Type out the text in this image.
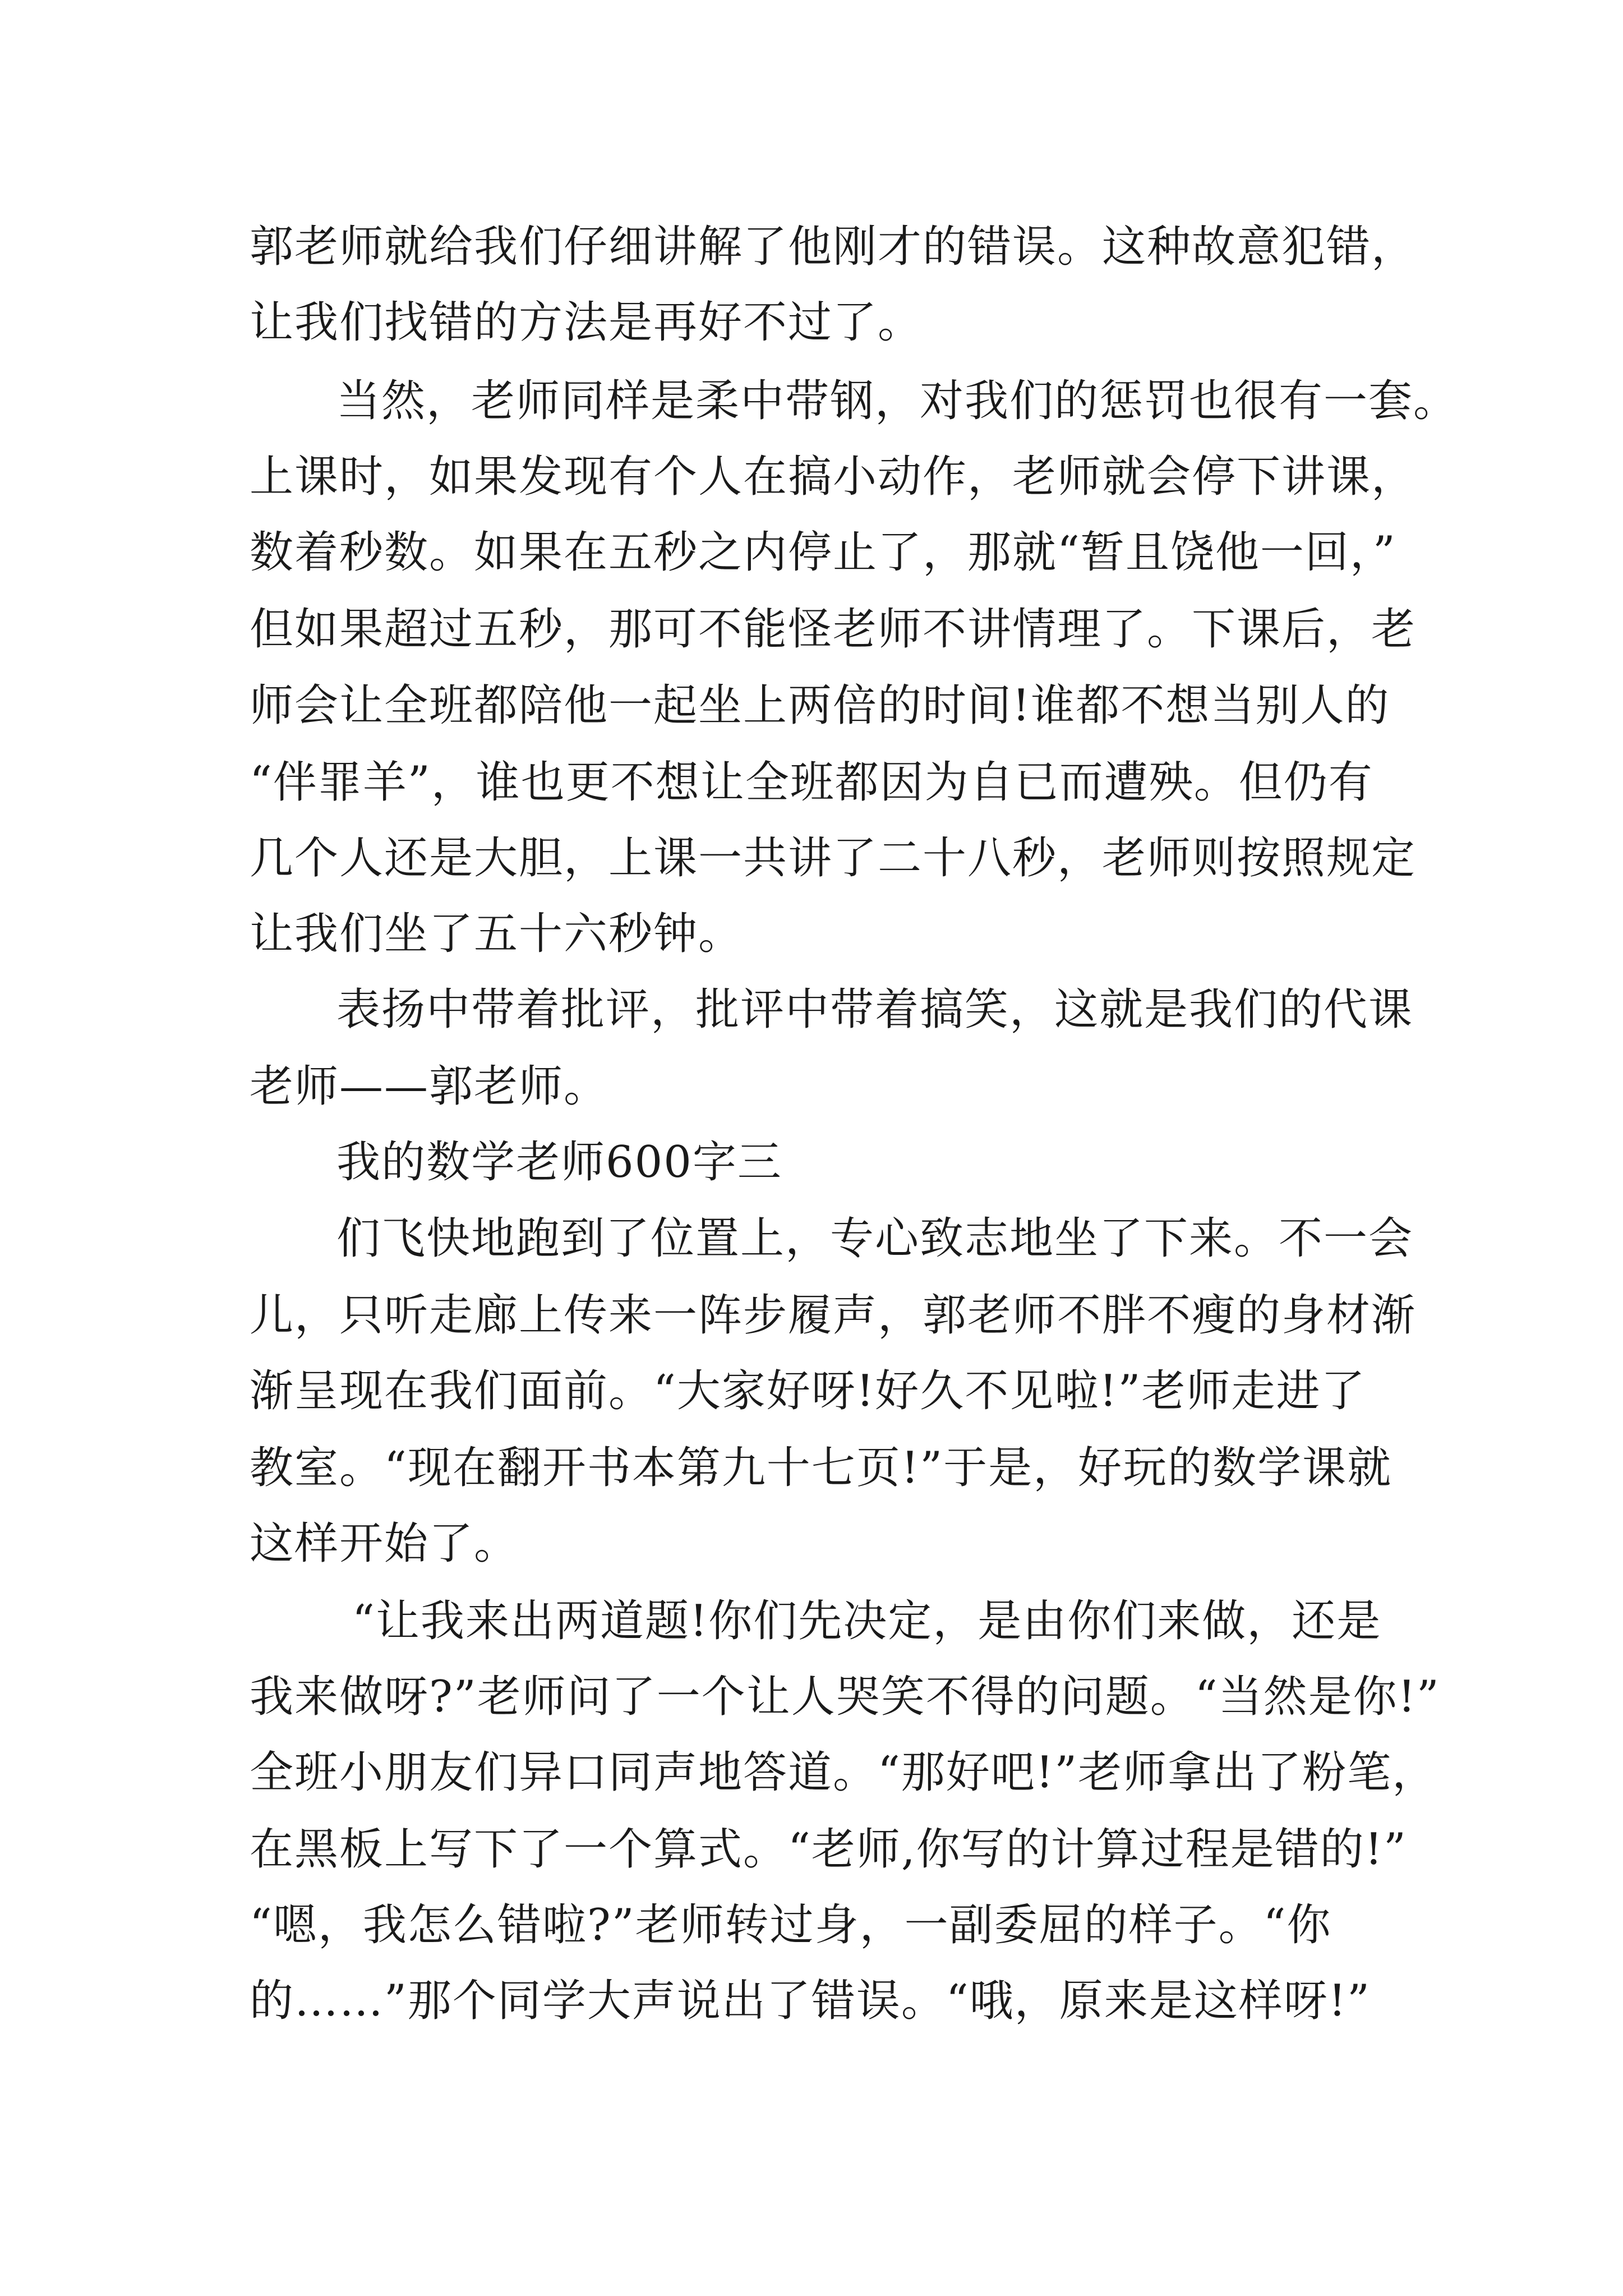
郭老师就给我们仔细讲解了他刚才的错误。这种故意犯错，
让我们找错的方法是再好不过了。
当然，老师同样是柔中带钢，对我们的惩罚也很有一套。
上课时，如果发现有个人在搞小动作，老师就会停下讲课，
数着秒数。如果在五秒之内停止了，那就“暂且饶他一回，”
但如果超过五秒，那可不能怪老师不讲情理了。下课后，老
师会让全班都陪他一起坐上两倍的时间!谁都不想当别人的
“伴罪羊”，谁也更不想让全班都因为自已而遭殃。但仍有
几个人还是大胆，上课一共讲了二十八秒，老师则按照规定
让我们坐了五十六秒钟。
表扬中带着批评，批评中带着搞笑，这就是我们的代课
老师——郭老师。
我的数学老师600字三
们飞快地跑到了位置上，专心致志地坐了下来。不一会
儿，只听走廊上传来一阵步履声，郭老师不胖不瘦的身材渐
渐呈现在我们面前。“大家好呀!好久不见啦!”老师走进了
教室。“现在翻开书本第九十七页!”于是，好玩的数学课就
这样开始了。
“让我来出两道题!你们先决定，是由你们来做，还是
我来做呀?”老师问了一个让人哭笑不得的问题。“当然是你!”
全班小朋友们异口同声地答道。“那好吧!”老师拿出了粉笔，
在黑板上写下了一个算式。“老师,你写的计算过程是错的!”
“嗯，我怎么错啦?”老师转过身，一副委屈的样子。“你
的……”那个同学大声说出了错误。“哦，原来是这样呀!”
